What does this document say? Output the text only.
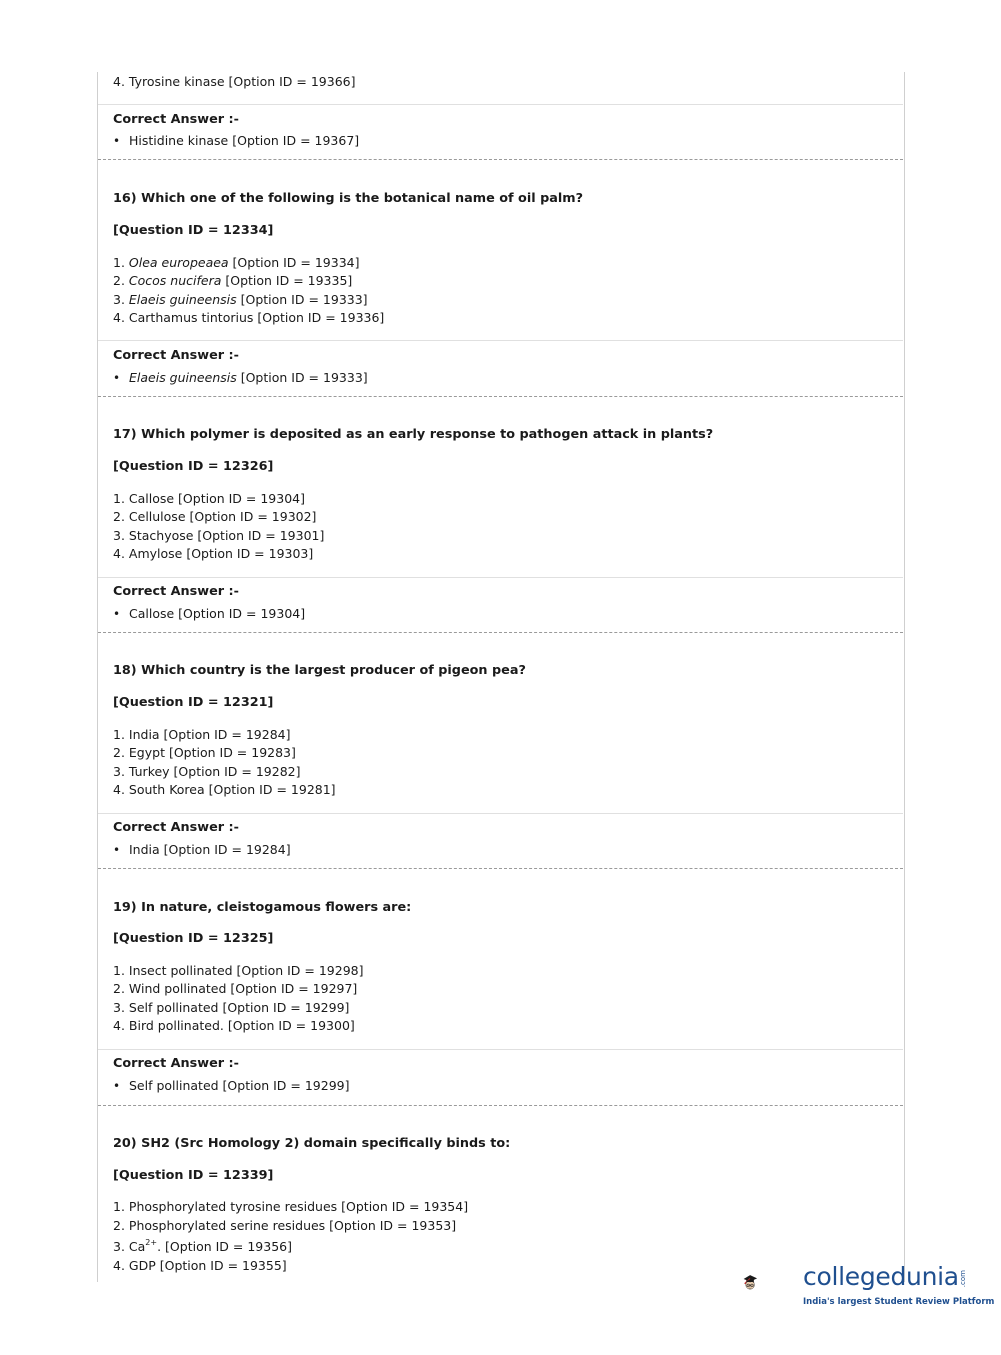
4. Tyrosine kinase [Option ID = 19366]
Correct Answer :-
• Histidine kinase [Option ID = 19367]
16) Which one of the following is the botanical name of oil palm?
[Question ID = 12334]
1. Olea europeaea [Option ID = 19334]
2. Cocos nucifera [Option ID = 19335]
3. Elaeis guineensis [Option ID = 19333]
4. Carthamus tintorius [Option ID = 19336]
Correct Answer :-
• Elaeis guineensis [Option ID = 19333]
17) Which polymer is deposited as an early response to pathogen attack in plants?
[Question ID = 12326]
1. Callose [Option ID = 19304]
2. Cellulose [Option ID = 19302]
3. Stachyose [Option ID = 19301]
4. Amylose [Option ID = 19303]
Correct Answer :-
• Callose [Option ID = 19304]
18) Which country is the largest producer of pigeon pea?
[Question ID = 12321]
1. India [Option ID = 19284]
2. Egypt [Option ID = 19283]
3. Turkey [Option ID = 19282]
4. South Korea [Option ID = 19281]
Correct Answer :-
• India [Option ID = 19284]
19) In nature, cleistogamous flowers are:
[Question ID = 12325]
1. Insect pollinated [Option ID = 19298]
2. Wind pollinated [Option ID = 19297]
3. Self pollinated [Option ID = 19299]
4. Bird pollinated. [Option ID = 19300]
Correct Answer :-
• Self pollinated [Option ID = 19299]
20) SH2 (Src Homology 2) domain specifically binds to:
[Question ID = 12339]
1. Phosphorylated tyrosine residues [Option ID = 19354]
2. Phosphorylated serine residues [Option ID = 19353]
3. $Ca^{2+}$. [Option ID = 19356]
4. GDP [Option ID = 19355]	collegedunia .com
India's largest Student Review Platform
